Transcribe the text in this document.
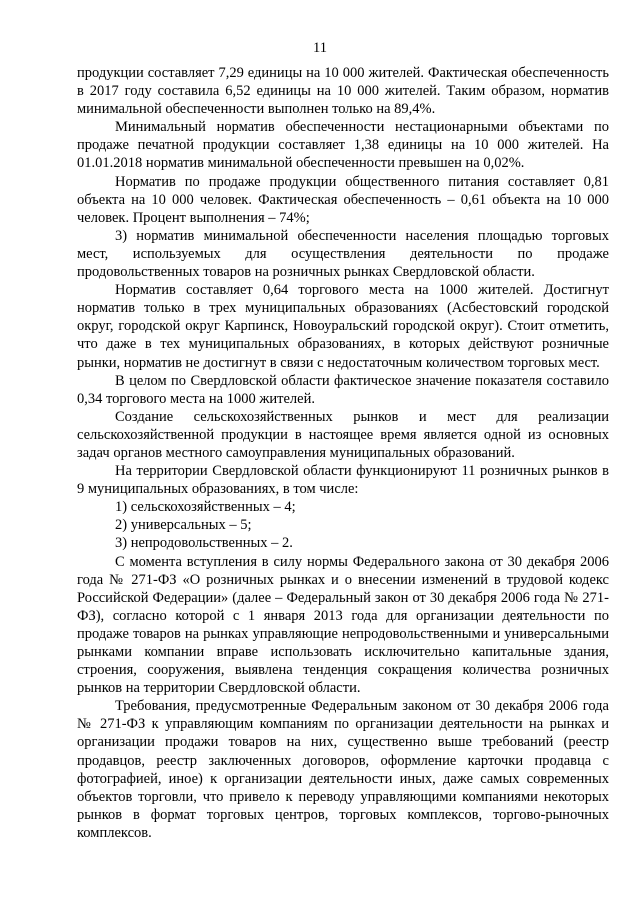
11

продукции составляет 7,29 единицы на 10 000 жителей. Фактическая обеспеченность в 2017 году составила 6,52 единицы на 10 000 жителей. Таким образом, норматив минимальной обеспеченности выполнен только на 89,4%.

Минимальный норматив обеспеченности нестационарными объектами по продаже печатной продукции составляет 1,38 единицы на 10 000 жителей. На 01.01.2018 норматив минимальной обеспеченности превышен на 0,02%.

Норматив по продаже продукции общественного питания составляет 0,81 объекта на 10 000 человек. Фактическая обеспеченность – 0,61 объекта на 10 000 человек. Процент выполнения – 74%;

3) норматив минимальной обеспеченности населения площадью торговых мест, используемых для осуществления деятельности по продаже продовольственных товаров на розничных рынках Свердловской области.

Норматив составляет 0,64 торгового места на 1000 жителей. Достигнут норматив только в трех муниципальных образованиях (Асбестовский городской округ, городской округ Карпинск, Новоуральский городской округ). Стоит отметить, что даже в тех муниципальных образованиях, в которых действуют розничные рынки, норматив не достигнут в связи с недостаточным количеством торговых мест.

В целом по Свердловской области фактическое значение показателя составило 0,34 торгового места на 1000 жителей.

Создание сельскохозяйственных рынков и мест для реализации сельскохозяйственной продукции в настоящее время является одной из основных задач органов местного самоуправления муниципальных образований.

На территории Свердловской области функционируют 11 розничных рынков в 9 муниципальных образованиях, в том числе:

1) сельскохозяйственных – 4;

2) универсальных – 5;

3) непродовольственных – 2.

С момента вступления в силу нормы Федерального закона от 30 декабря 2006 года № 271-ФЗ «О розничных рынках и о внесении изменений в трудовой кодекс Российской Федерации» (далее – Федеральный закон от 30 декабря 2006 года № 271-ФЗ), согласно которой с 1 января 2013 года для организации деятельности по продаже товаров на рынках управляющие непродовольственными и универсальными рынками компании вправе использовать исключительно капитальные здания, строения, сооружения, выявлена тенденция сокращения количества розничных рынков на территории Свердловской области.

Требования, предусмотренные Федеральным законом от 30 декабря 2006 года № 271-ФЗ к управляющим компаниям по организации деятельности на рынках и организации продажи товаров на них, существенно выше требований (реестр продавцов, реестр заключенных договоров, оформление карточки продавца с фотографией, иное) к организации деятельности иных, даже самых современных объектов торговли, что привело к переводу управляющими компаниями некоторых рынков в формат торговых центров, торговых комплексов, торгово-рыночных комплексов.
